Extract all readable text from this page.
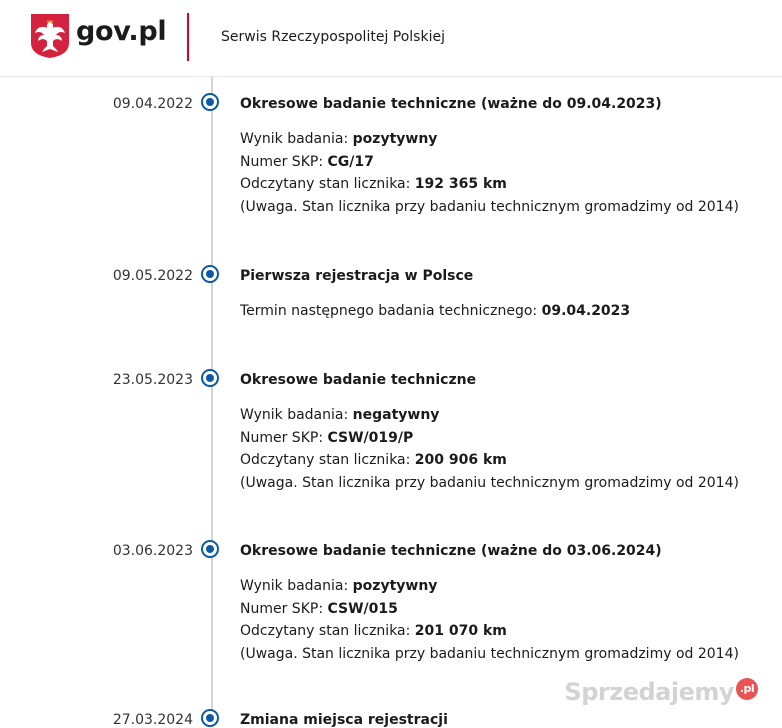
09.04.2022	Okresowe badanie techniczne (ważne do 09.04.2023)
Wynik badania: pozytywny
Numer SKP: CG/17
Odczytany stan licznika: 192 365 km
(Uwaga. Stan licznika przy badaniu technicznym gromadzimy od 2014)
09.05.2022	Pierwsza rejestracja w Polsce
Termin następnego badania technicznego: 09.04.2023
23.05.2023	Okresowe badanie techniczne
Wynik badania: negatywny
Numer SKP: CSW/019/P
Odczytany stan licznika: 200 906 km
(Uwaga. Stan licznika przy badaniu technicznym gromadzimy od 2014)
03.06.2023	Okresowe badanie techniczne (ważne do 03.06.2024)
Wynik badania: pozytywny
Numer SKP: CSW/015
Odczytany stan licznika: 201 070 km
(Uwaga. Stan licznika przy badaniu technicznym gromadzimy od 2014)
27.03.2024	Zmiana miejsca rejestracji
gov.pl	Serwis Rzeczypospolitej Polskiej
Sprzedajemy .pl
